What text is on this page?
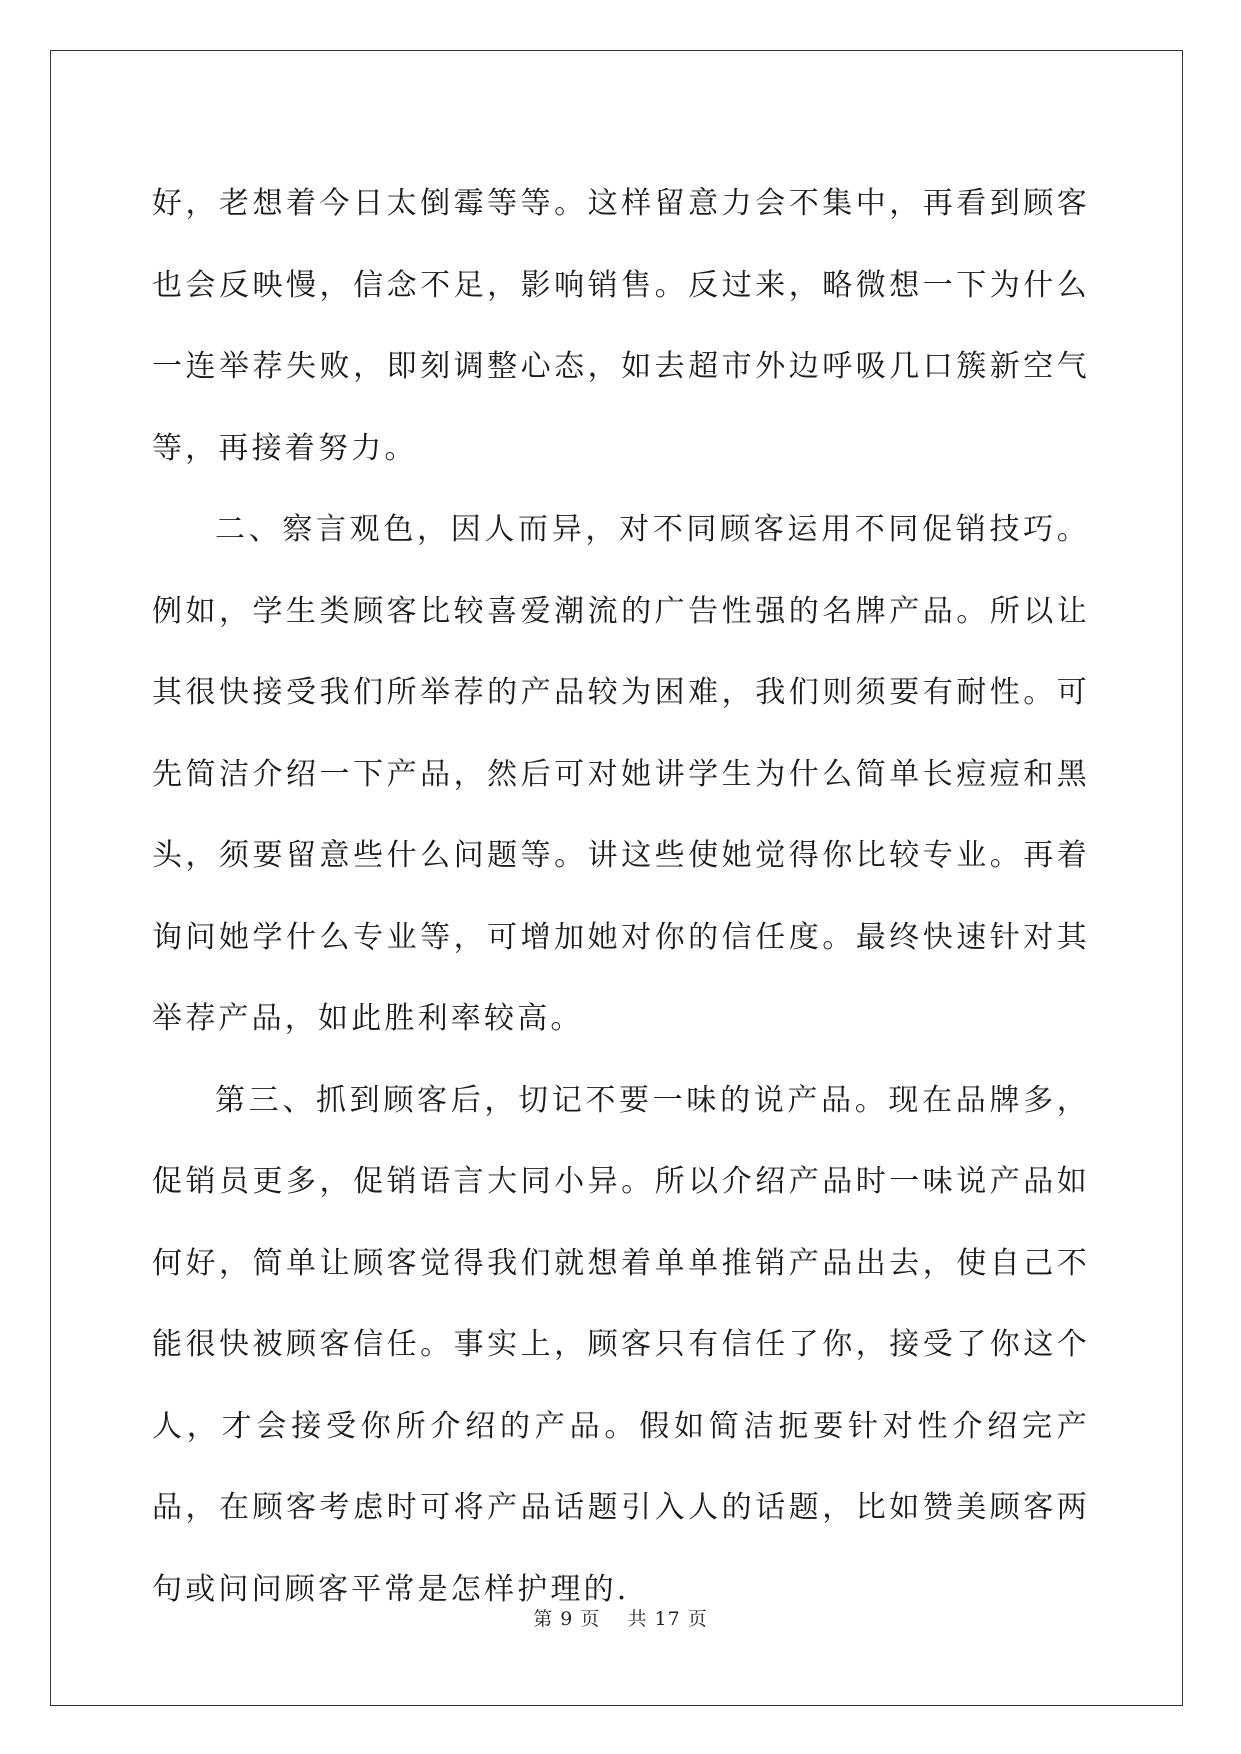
好，老想着今日太倒霉等等。这样留意力会不集中，再看到顾客也会反映慢，信念不足，影响销售。反过来，略微想一下为什么一连举荐失败，即刻调整心态，如去超市外边呼吸几口簇新空气等，再接着努力。

二、察言观色，因人而异，对不同顾客运用不同促销技巧。例如，学生类顾客比较喜爱潮流的广告性强的名牌产品。所以让其很快接受我们所举荐的产品较为困难，我们则须要有耐性。可先简洁介绍一下产品，然后可对她讲学生为什么简单长痘痘和黑头，须要留意些什么问题等。讲这些使她觉得你比较专业。再着询问她学什么专业等，可增加她对你的信任度。最终快速针对其举荐产品，如此胜利率较高。

第三、抓到顾客后，切记不要一味的说产品。现在品牌多，促销员更多，促销语言大同小异。所以介绍产品时一味说产品如何好，简单让顾客觉得我们就想着单单推销产品出去，使自己不能很快被顾客信任。事实上，顾客只有信任了你，接受了你这个人，才会接受你所介绍的产品。假如简洁扼要针对性介绍完产品，在顾客考虑时可将产品话题引入人的话题，比如赞美顾客两句或问问顾客平常是怎样护理的.

第 9 页　 共 17 页
